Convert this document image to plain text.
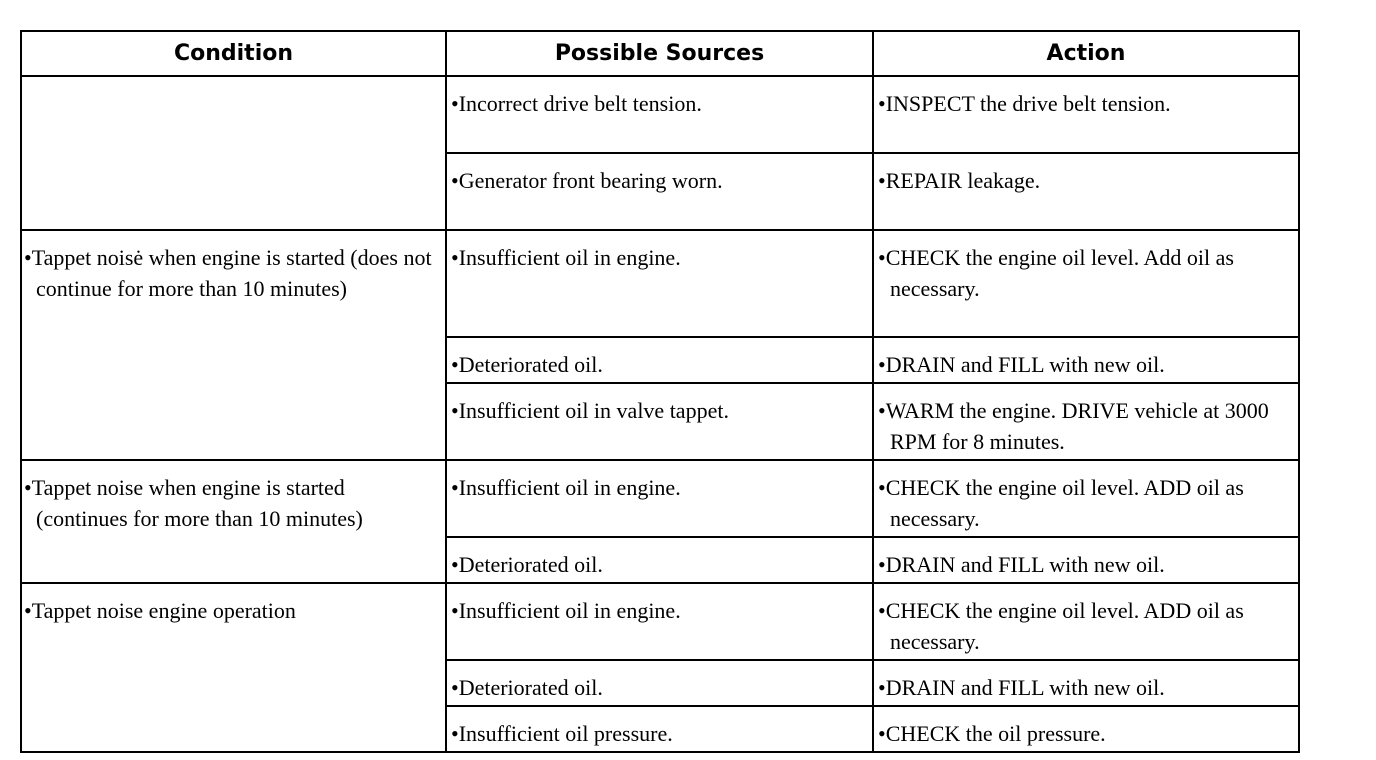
Condition	Possible Sources	Action

	•Incorrect drive belt tension.	•INSPECT the drive belt tension.

	•Generator front bearing worn.	•REPAIR leakage.

•Tappet noisė when engine is started (does not continue for more than 10 minutes)	•Insufficient oil in engine.	•CHECK the engine oil level. Add oil as necessary.

	•Deteriorated oil.	•DRAIN and FILL with new oil.

	•Insufficient oil in valve tappet.	•WARM the engine. DRIVE vehicle at 3000 RPM for 8 minutes.

•Tappet noise when engine is started (continues for more than 10 minutes)	•Insufficient oil in engine.	•CHECK the engine oil level. ADD oil as necessary.

	•Deteriorated oil.	•DRAIN and FILL with new oil.

•Tappet noise engine operation	•Insufficient oil in engine.	•CHECK the engine oil level. ADD oil as necessary.

	•Deteriorated oil.	•DRAIN and FILL with new oil.

	•Insufficient oil pressure.	•CHECK the oil pressure.
